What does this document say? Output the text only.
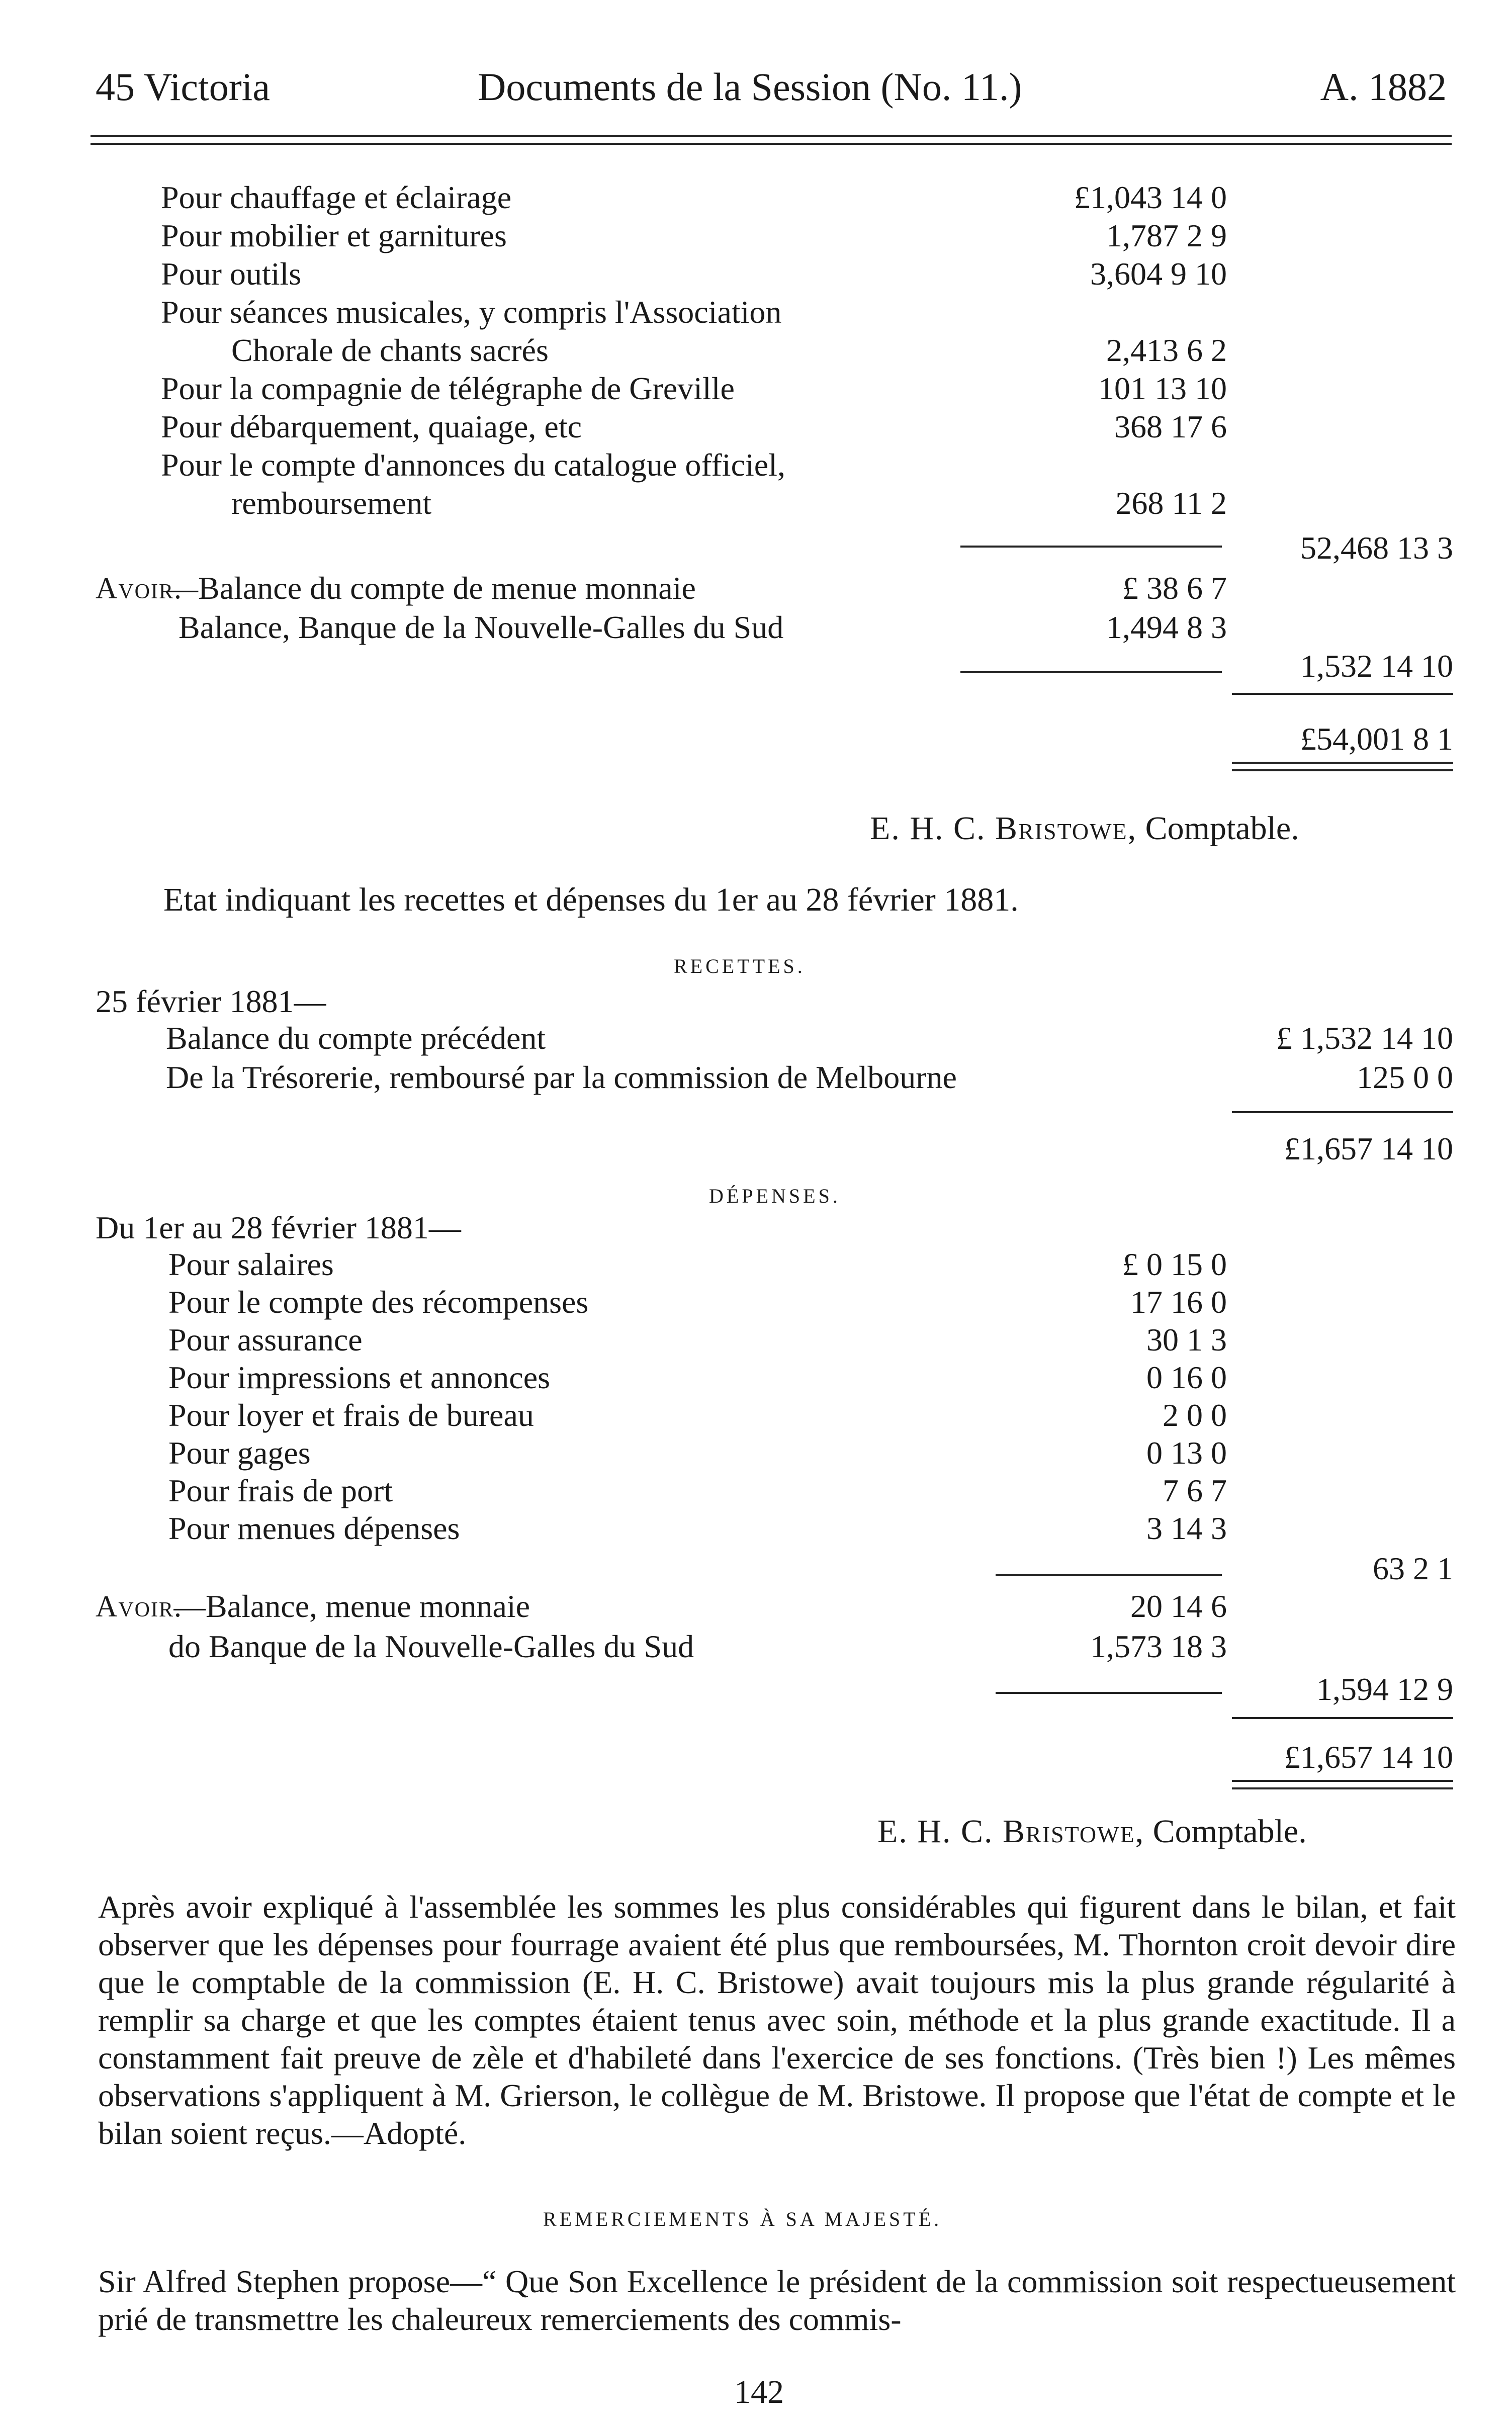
45 Victoria	Documents de la Session (No. 11.)	A. 1882
Pour chauffage et éclairage	£1,043 14 0
Pour mobilier et garnitures	1,787 2 9
Pour outils	3,604 9 10
Pour séances musicales, y compris l'Association
Chorale de chants sacrés	2,413 6 2
Pour la compagnie de télégraphe de Greville	101 13 10
Pour débarquement, quaiage, etc	368 17 6
Pour le compte d'annonces du catalogue officiel,
remboursement	268 11 2
52,468 13 3
—Balance du compte de menue monnaie	£ 38 6 7
Balance, Banque de la Nouvelle-Galles du Sud	1,494 8 3
1,532 14 10
£54,001 8 1
E. H. C. Bristowe, Comptable.
Etat indiquant les recettes et dépenses du 1er au 28 février 1881.
RECETTES.
25 février 1881—
Balance du compte précédent	£ 1,532 14 10
De la Trésorerie, remboursé par la commission de Melbourne	125 0 0
£1,657 14 10
DÉPENSES.
Du 1er au 28 février 1881—
Pour salaires	£ 0 15 0
Pour le compte des récompenses	17 16 0
Pour assurance	30 1 3
Pour impressions et annonces	0 16 0
Pour loyer et frais de bureau	2 0 0
Pour gages	0 13 0
Pour frais de port	7 6 7
Pour menues dépenses	3 14 3
63 2 1
—Balance, menue monnaie	20 14 6
do Banque de la Nouvelle-Galles du Sud	1,573 18 3
1,594 12 9
£1,657 14 10
E. H. C. Bristowe, Comptable.
Après avoir expliqué à l'assemblée les sommes les plus considérables qui figurent dans le bilan, et fait observer que les dépenses pour fourrage avaient été plus que remboursées, M. Thornton croit devoir dire que le comptable de la commission (E. H. C. Bristowe) avait toujours mis la plus grande régularité à remplir sa charge et que les comptes étaient tenus avec soin, méthode et la plus grande exactitude. Il a constamment fait preuve de zèle et d'habileté dans l'exercice de ses fonctions. (Très bien !) Les mêmes observations s'appliquent à M. Grierson, le collègue de M. Bristowe. Il propose que l'état de compte et le bilan soient reçus.—Adopté.
REMERCIEMENTS À SA MAJESTÉ.
Sir Alfred Stephen propose—“ Que Son Excellence le président de la commission soit respectueusement prié de transmettre les chaleureux remerciements des commis-
142
Avoir.
Avoir.
